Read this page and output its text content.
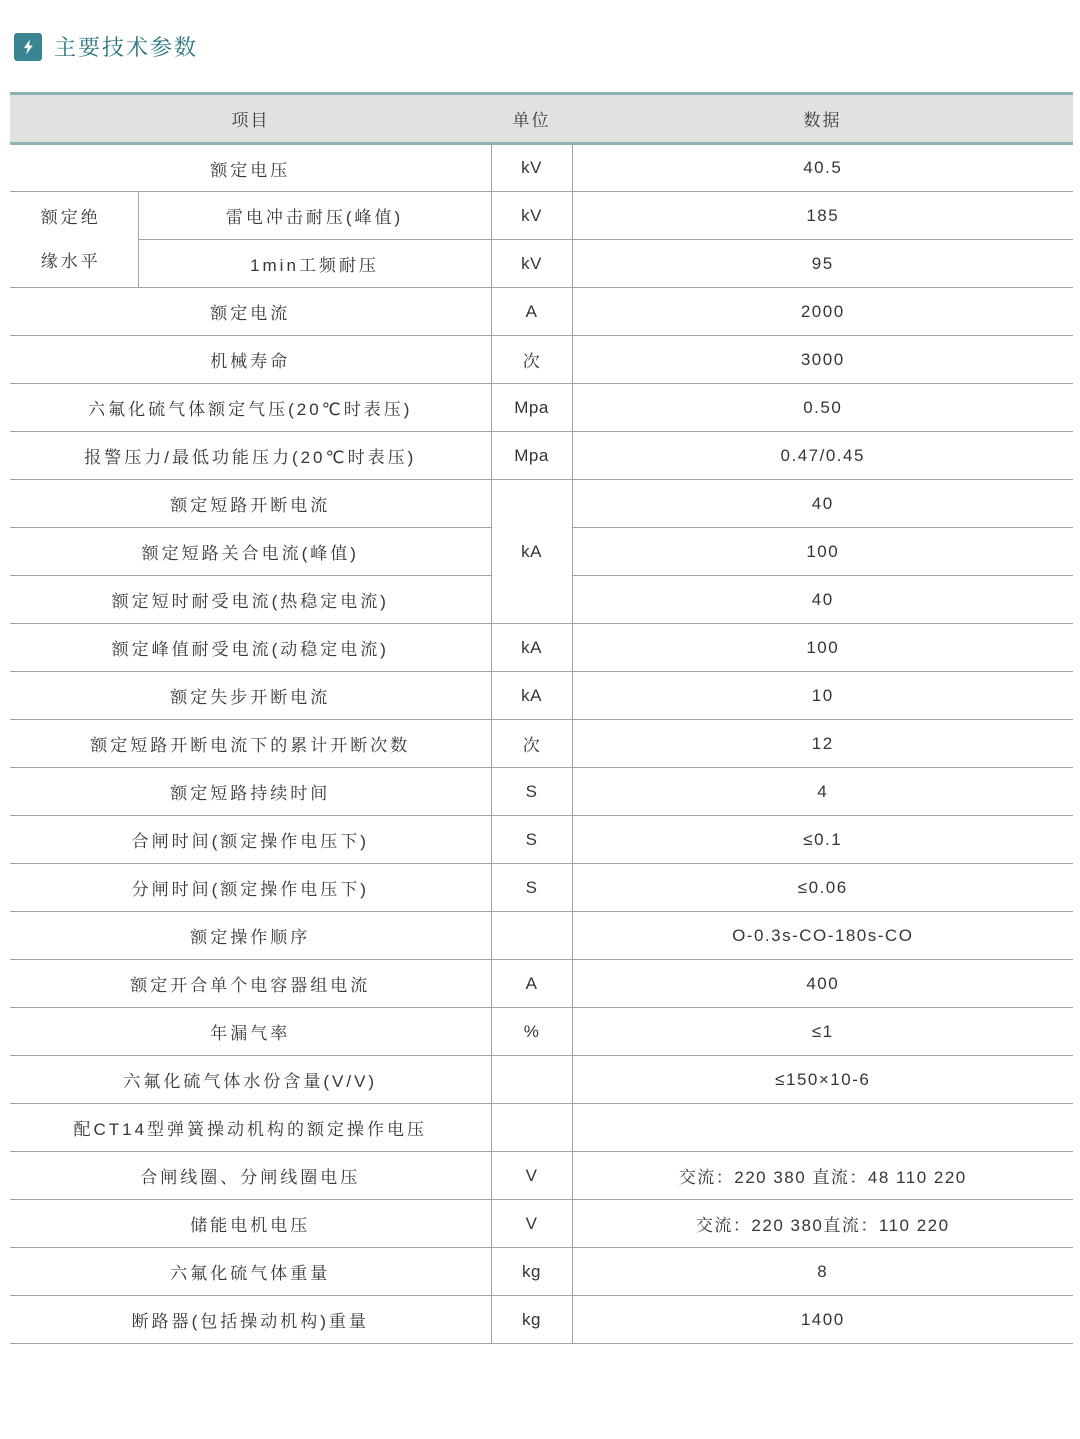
主要技术参数
项目		单位	数据
额定电压		kV	40.5

额定绝缘水平	雷电冲击耐压(峰值)	kV	185
	1min工频耐压	kV	95
额定电流		A	2000
机械寿命		次	3000
六氟化硫气体额定气压(20℃时表压)		Mpa	0.50
报警压力/最低功能压力(20℃时表压)		Mpa	0.47/0.45
额定短路开断电流		kA	40
额定短路关合电流(峰值)			100
额定短时耐受电流(热稳定电流)			40
额定峰值耐受电流(动稳定电流)		kA	100
额定失步开断电流		kA	10
额定短路开断电流下的累计开断次数		次	12
额定短路持续时间		S	4
合闸时间(额定操作电压下)		S	≤0.1
分闸时间(额定操作电压下)		S	≤0.06
额定操作顺序			O-0.3s-CO-180s-CO
额定开合单个电容器组电流		A	400
年漏气率		%	≤1
六氟化硫气体水份含量(V/V)			≤150×10-6
配CT14型弹簧操动机构的额定操作电压			
合闸线圈、分闸线圈电压		V	交流：220 380 直流：48 110 220
储能电机电压		V	交流：220 380直流：110 220
六氟化硫气体重量		kg	8
断路器(包括操动机构)重量		kg	1400
